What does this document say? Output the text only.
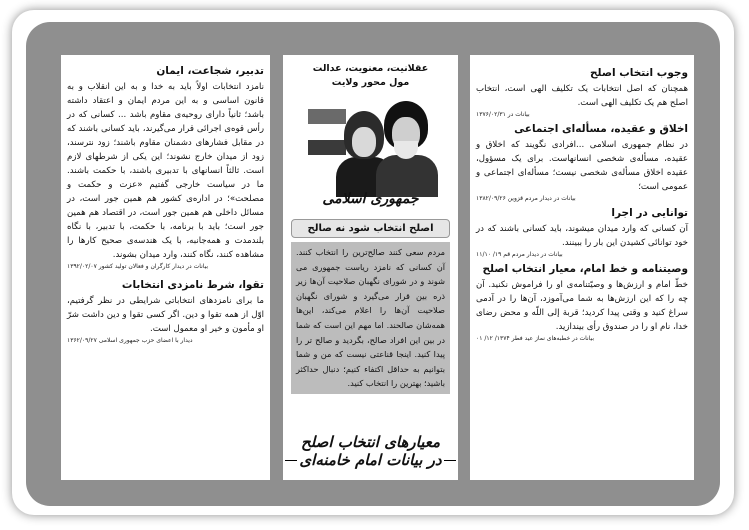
وجوب انتخاب اصلح

همچنان که اصل انتخابات یک تکلیف الهی است، انتخاب اصلح هم یک تکلیف الهی است.

بیانات در ۱۳۷۶/۰۲/۳۱
اخلاق و عقیده، مسأله‌ای اجتماعی

در نظام جمهوری اسلامی ...افرادی نگویند که اخلاق و عقیده، مسأله‌ی شخصی انسانهاست. برای یک مسؤول، عقیده اخلاق مسأله‌ی شخصی نیست؛ مسأله‌ای اجتماعی و عمومی است؛

بیانات در دیدار مردم قزوین ۱۳۸۲/۰۹/۲۶
توانایی در اجرا

آن کسانی که وارد میدان میشوند، باید کسانی باشند که در خود توانائی کشیدن این بار را ببینند.

بیانات در دیدار مردم قم ۱۹/ ۱۱/۱۰
وصیتنامه و خط امام، معیار انتخاب اصلح

خطّ امام و ارزش‌ها و وصیّتنامه‌ی او را فراموش نکنید. آن چه را که این ارزش‌ها به شما می‌آموزد، آن‌ها را در آدمی سراغ کنید و وقتی پیدا کردید؛ قربة إلی اللّه و محض رضای خدا، نام او را در صندوق رأی بیندازید.

بیانات در خطبه‌های نماز عید فطر ۱۳۷۴/ ۱۲/ ۰۱
عقلانیت، معنویت، عدالت
مول محور ولایت
جمهوری اسلامی
اصلح انتخاب شود نه صالح

مردم سعی کنند صالح‌ترین را انتخاب کنند. آن کسانی که نامزد ریاست جمهوری می شوند و در شورای نگهبان صلاحیت آن‌ها زیر ذره بین قرار می‌گیرد و شورای نگهبان صلاحیت آن‌ها را اعلام می‌کند، این‌ها همه‌شان صالحند. اما مهم این است که شما در بین این افراد صالح، بگردید و صالح تر را پیدا کنید. اینجا قناعتی نیست که من و شما بتوانیم به حداقل اکتفاء کنیم؛ دنبال حداکثر باشید؛ بهترین را انتخاب کنید.

معیارهای انتخاب اصلح
در بیانات امام خامنه‌ای
تدبیر، شجاعت، ایمان

نامزد انتخابات اولاً باید به خدا و به این انقلاب و به قانون اساسی و به این مردم ایمان و اعتقاد داشته باشد؛ ثانیاً دارای روحیه‌ی مقاوم باشد ... کسانی که در رأس قوه‌ی اجرائی قرار می‌گیرند، باید کسانی باشند که در مقابل فشارهای دشمنان مقاوم باشند؛ زود نترسند، زود از میدان خارج نشوند؛ این یکی از شرطهای لازم است. ثالثاً انسانهای با تدبیری باشند، با حکمت باشند. ما در سیاست خارجی گفتیم «عزت و حکمت و مصلحت»؛ در اداره‌ی کشور هم همین جور است، در مسائل داخلی هم همین جور است، در اقتصاد هم همین جور است؛ باید با برنامه، با حکمت، با تدبیر، با نگاه بلندمدت و همه‌جانبه، با یک هندسه‌ی صحیح کارها را مشاهده کنند، نگاه کنند، وارد میدان بشوند.

بیانات در دیدار کارگران و فعالان تولید کشور ۱۳۹۲/۰۲/۰۷
تقوا، شرط نامزدی انتخابات

ما برای نامزدهای انتخاباتی شرایطی در نظر گرفتیم، اوّل از همه تقوا و دین. اگر کسی تقوا و دین داشت شرّ او مأمون و خیر او معمول است.

دیدار با اعضای حزب جمهوری اسلامی ۱۳۶۲/۰۹/۲۷
